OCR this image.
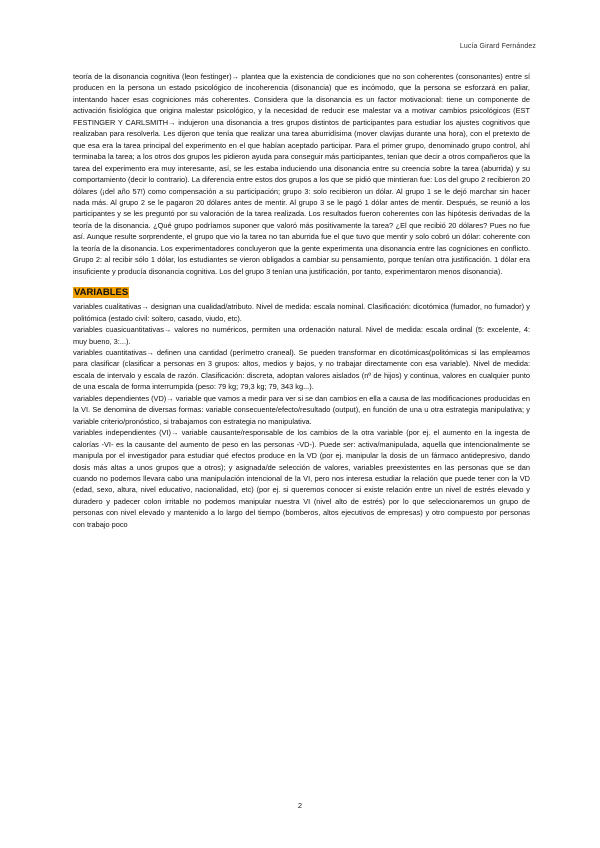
Lucía Girard Fernández

teoría de la disonancia cognitiva (leon festinger)→ plantea que la existencia de condiciones que no son coherentes (consonantes) entre sí producen en la persona un estado psicológico de incoherencia (disonancia) que es incómodo, que la persona se esforzará en paliar, intentando hacer esas cogniciones más coherentes. Considera que la disonancia es un factor motivacional: tiene un componente de activación fisiológica que origina malestar psicológico, y la necesidad de reducir ese malestar va a motivar cambios psicológicos (EST FESTINGER Y CARLSMITH→ indujeron una disonancia a tres grupos distintos de participantes para estudiar los ajustes cognitivos que realizaban para resolverla. Les dijeron que tenía que realizar una tarea aburridísima (mover clavijas durante una hora), con el pretexto de que esa era la tarea principal del experimento en el que habían aceptado participar. Para el primer grupo, denominado grupo control, ahí terminaba la tarea; a los otros dos grupos les pidieron ayuda para conseguir más participantes, tenían que decir a otros compañeros que la tarea del experimento era muy interesante, así, se les estaba induciendo una disonancia entre su creencia sobre la tarea (aburrida) y su comportamiento (decir lo contrario). La diferencia entre estos dos grupos a los que se pidió que mintieran fue: Los del grupo 2 recibieron 20 dólares (¡del año 57!) como compensación a su participación; grupo 3: solo recibieron un dólar. Al grupo 1 se le dejó marchar sin hacer nada más. Al grupo 2 se le pagaron 20 dólares antes de mentir. Al grupo 3 se le pagó 1 dólar antes de mentir. Después, se reunió a los participantes y se les preguntó por su valoración de la tarea realizada. Los resultados fueron coherentes con las hipótesis derivadas de la teoría de la disonancia. ¿Qué grupo podríamos suponer que valoró más positivamente la tarea? ¿El que recibió 20 dólares? Pues no fue así. Aunque resulte sorprendente, el grupo que vio la tarea no tan aburrida fue el que tuvo que mentir y solo cobró un dólar: coherente con la teoría de la disonancia. Los experimentadores concluyeron que la gente experimenta una disonancia entre las cogniciones en conflicto. Grupo 2: al recibir sólo 1 dólar, los estudiantes se vieron obligados a cambiar su pensamiento, porque tenían otra justificación. 1 dólar era insuficiente y producía disonancia cognitiva. Los del grupo 3 tenían una justificación, por tanto, experimentaron menos disonancia).

VARIABLES

variables cualitativas→ designan una cualidad/atributo. Nivel de medida: escala nominal. Clasificación: dicotómica (fumador, no fumador) y politómica (estado civil: soltero, casado, viudo, etc).

variables cuasicuantitativas→ valores no numéricos, permiten una ordenación natural. Nivel de medida: escala ordinal (5: excelente, 4: muy bueno, 3:...).

variables cuantitativas→ definen una cantidad (perímetro craneal). Se pueden transformar en dicotómicas(politómicas si las empleamos para clasificar (clasificar a personas en 3 grupos: altos, medios y bajos, y no trabajar directamente con esa variable). Nivel de medida: escala de intervalo y escala de razón. Clasificación: discreta, adoptan valores aislados (nº de hijos) y continua, valores en cualquier punto de una escala de forma interrumpida (peso: 79 kg; 79,3 kg; 79, 343 kg...).

variables dependientes (VD)→ variable que vamos a medir para ver si se dan cambios en ella a causa de las modificaciones producidas en la VI. Se denomina de diversas formas: variable consecuente/efecto/resultado (output), en función de una u otra estrategia manipulativa; y variable criterio/pronóstico, si trabajamos con estrategia no manipulativa.

variables independientes (VI)→ variable causante/responsable de los cambios de la otra variable (por ej. el aumento en la ingesta de calorías -VI- es la causante del aumento de peso en las personas -VD-). Puede ser: activa/manipulada, aquella que intencionalmente se manipula por el investigador para estudiar qué efectos produce en la VD (por ej. manipular la dosis de un fármaco antidepresivo, dando dosis más altas a unos grupos que a otros); y asignada/de selección de valores, variables preexistentes en las personas que se dan cuando no podemos llevara cabo una manipulación intencional de la VI, pero nos interesa estudiar la relación que puede tener con la VD (edad, sexo, altura, nivel educativo, nacionalidad, etc) (por ej. si queremos conocer si existe relación entre un nivel de estrés elevado y duradero y padecer colon irritable no podemos manipular nuestra VI (nivel alto de estrés) por lo que seleccionaremos un grupo de personas con nivel elevado y mantenido a lo largo del tiempo (bomberos, altos ejecutivos de empresas) y otro compuesto por personas con trabajo poco

2
